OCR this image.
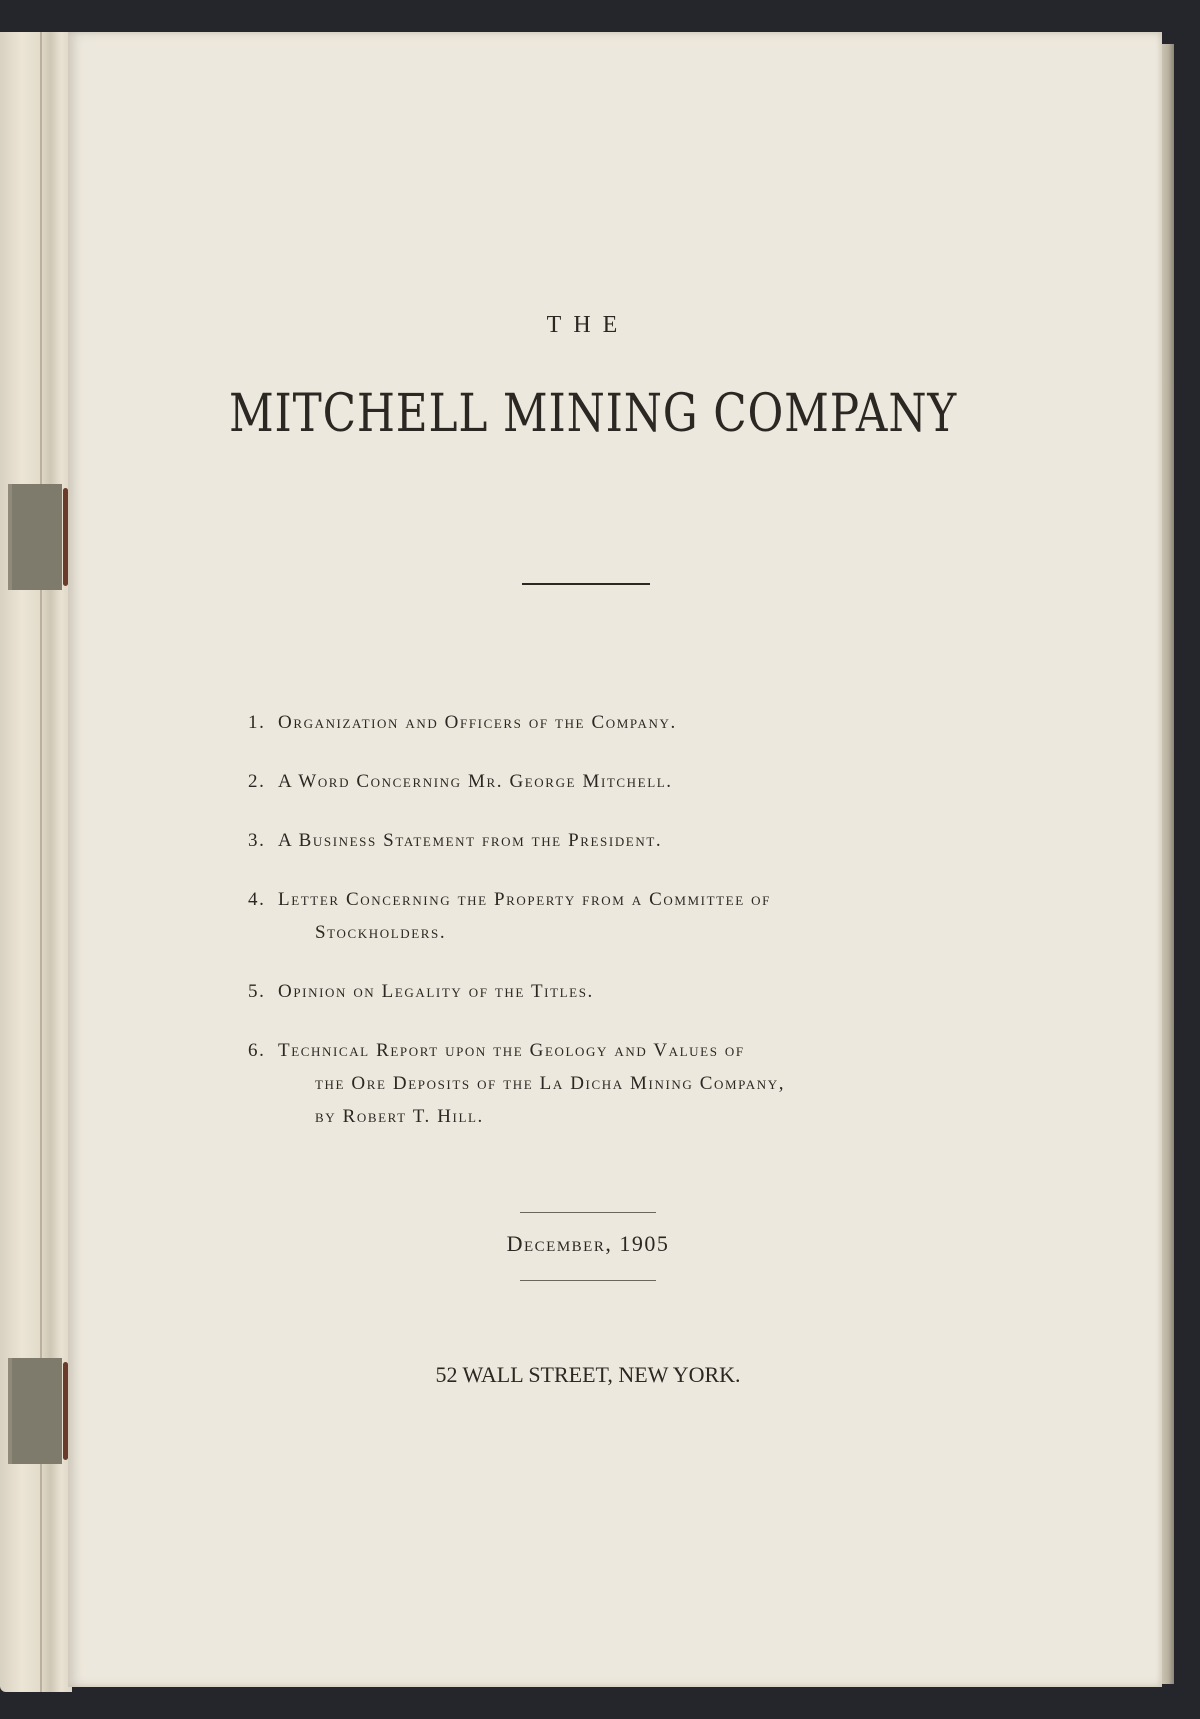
THE
MITCHELL MINING COMPANY
1. Organization and Officers of the Company.
2. A Word Concerning Mr. George Mitchell.
3. A Business Statement from the President.
4. Letter Concerning the Property from a Committee of
Stockholders.
5. Opinion on Legality of the Titles.
6. Technical Report upon the Geology and Values of
the Ore Deposits of the La Dicha Mining Company,
by Robert T. Hill.
December, 1905
52 WALL STREET, NEW YORK.
